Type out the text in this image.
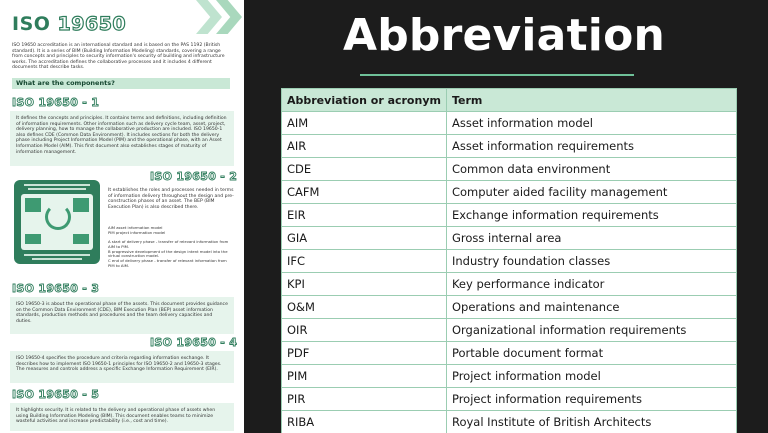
ISO 19650
ISO 19650 accreditation is an international standard and is based on the PAS 1192 (British standard). It is a series of BIM (Building Information Modeling) standards, covering a range from concepts and principles to security information's security of building and infrastructure works. The accreditation defines the collaborative processes and it includes 4 different documents that describe tasks.
What are the components?
ISO 19650 - 1
It defines the concepts and principles. It contains terms and definitions, including definition of information requirements. Other information such as delivery cycle team, asset, project, delivery planning, how to manage the collaborative production are included. ISO 19650-1 also defines CDE (Common Data Environment). It includes sections for both the delivery phase including Project Information Model (PIM) and the operational phase, with an Asset Information Model (AIM). This first document also establishes stages of maturity of information management.
ISO 19650 - 2
It establishes the roles and processes needed in terms of information delivery throughout the design and pre-construction phases of an asset. The BEP (BIM Execution Plan) is also described there.
AIM asset information model
PIM project information model
A start of delivery phase - transfer of relevant information from AIM to PIM.
B progressive development of the design intent model into the virtual construction model.
C end of delivery phase - transfer of relevant information from PIM to AIM.
ISO 19650 - 3
ISO 19650-3 is about the operational phase of the assets. This document provides guidance on the Common Data Environment (CDE), BIM Execution Plan (BEP) asset information standards, production methods and procedures and the team delivery capacities and duties.
ISO 19650 - 4
ISO 19650-4 specifies the procedure and criteria regarding information exchange. It describes how to implement ISO 19650-1 principles for ISO 19650-2 and 19650-3 stages. The measures and controls address a specific Exchange Information Requirement (EIR).
ISO 19650 - 5
It highlights security. It is related to the delivery and operational phase of assets when using Building Information Modeling (BIM). This document enables teams to minimize wasteful activities and increase predictability (i.e., cost and time).
Abbreviation
Abbreviation or acronym	Term
AIM	Asset information model
AIR	Asset information requirements
CDE	Common data environment
CAFM	Computer aided facility management
EIR	Exchange information requirements
GIA	Gross internal area
IFC	Industry foundation classes
KPI	Key performance indicator
O&M	Operations and maintenance
OIR	Organizational information requirements
PDF	Portable document format
PIM	Project information model
PIR	Project information requirements
RIBA	Royal Institute of British Architects
